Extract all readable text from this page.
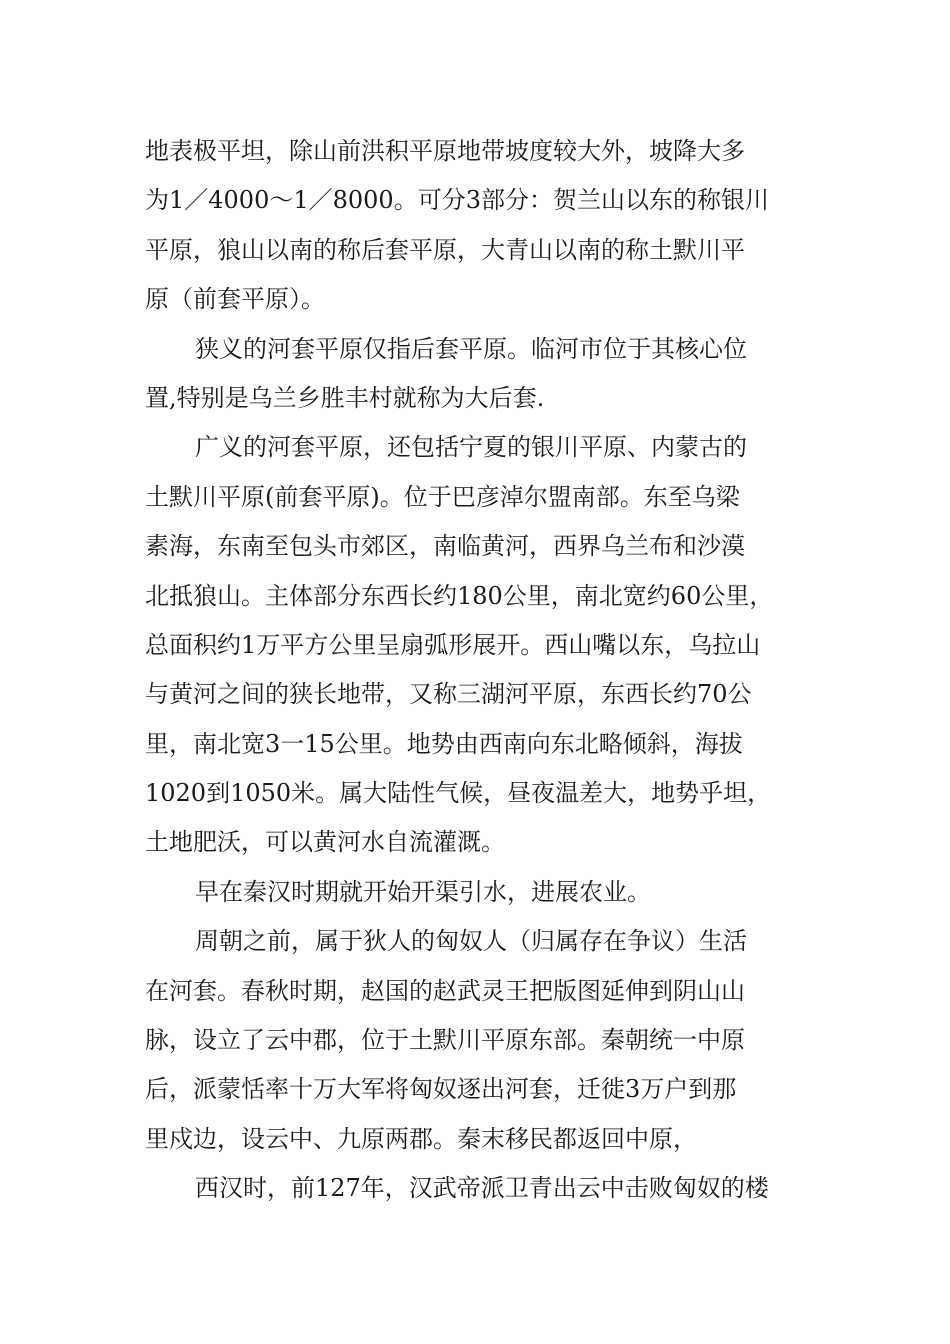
地表极平坦，除山前洪积平原地带坡度较大外，坡降大多
为1／4000～1／8000。可分3部分：贺兰山以东的称银川
平原，狼山以南的称后套平原，大青山以南的称土默川平
原（前套平原）。
狭义的河套平原仅指后套平原。临河市位于其核心位
置,特别是乌兰乡胜丰村就称为大后套.
广义的河套平原，还包括宁夏的银川平原、内蒙古的
土默川平原(前套平原)。位于巴彦淖尔盟南部。东至乌梁
素海，东南至包头市郊区，南临黄河，西界乌兰布和沙漠
北抵狼山。主体部分东西长约180公里，南北宽约60公里，
总面积约1万平方公里呈扇弧形展开。西山嘴以东，乌拉山
与黄河之间的狭长地带，又称三湖河平原，东西长约70公
里，南北宽3一15公里。地势由西南向东北略倾斜，海拔
1020到1050米。属大陆性气候，昼夜温差大，地势乎坦，
土地肥沃，可以黄河水自流灌溉。
早在秦汉时期就开始开渠引水，进展农业。
周朝之前，属于狄人的匈奴人（归属存在争议）生活
在河套。春秋时期，赵国的赵武灵王把版图延伸到阴山山
脉，设立了云中郡，位于土默川平原东部。秦朝统一中原
后，派蒙恬率十万大军将匈奴逐出河套，迁徙3万户到那
里戍边，设云中、九原两郡。秦末移民都返回中原，
西汉时，前127年，汉武帝派卫青出云中击败匈奴的楼
